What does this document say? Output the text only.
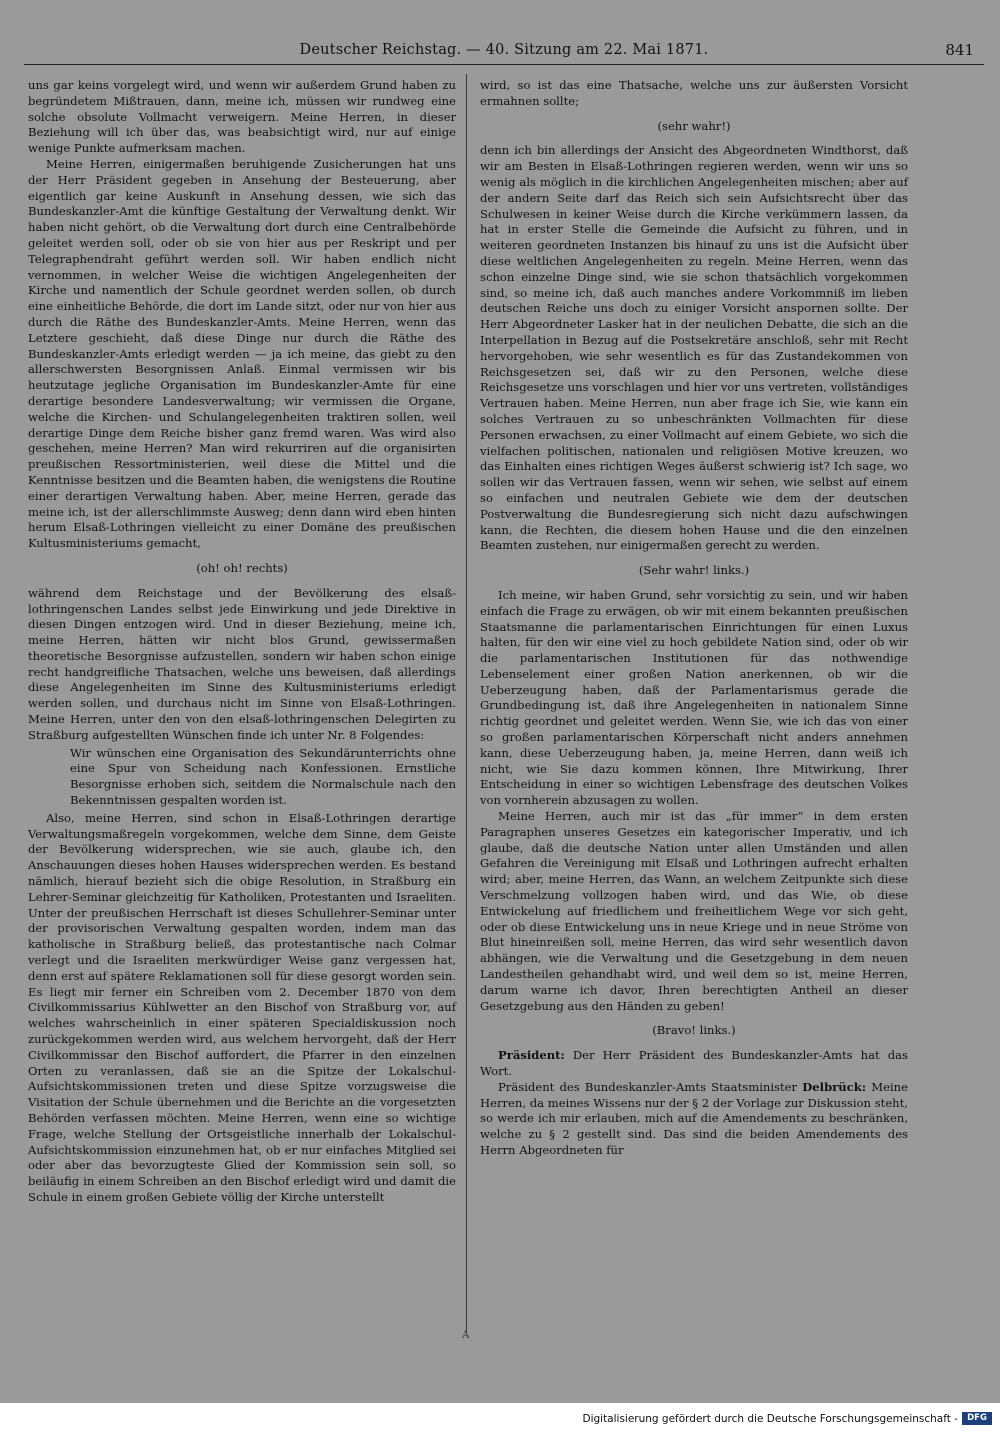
Deutscher Reichstag. — 40. Sitzung am 22. Mai 1871.	841

uns gar keins vorgelegt wird, und wenn wir außerdem Grund haben zu begründetem Mißtrauen, dann, meine ich, müssen wir rundweg eine solche obsolute Vollmacht verweigern. Meine Herren, in dieser Beziehung will ich über das, was beabsichtigt wird, nur auf einige wenige Punkte aufmerksam machen.

Meine Herren, einigermaßen beruhigende Zusicherungen hat uns der Herr Präsident gegeben in Ansehung der Besteuerung, aber eigentlich gar keine Auskunft in Ansehung dessen, wie sich das Bundeskanzler-Amt die künftige Gestaltung der Verwaltung denkt. Wir haben nicht gehört, ob die Verwaltung dort durch eine Centralbehörde geleitet werden soll, oder ob sie von hier aus per Reskript und per Telegraphendraht geführt werden soll. Wir haben endlich nicht vernommen, in welcher Weise die wichtigen Angelegenheiten der Kirche und namentlich der Schule geordnet werden sollen, ob durch eine einheitliche Behörde, die dort im Lande sitzt, oder nur von hier aus durch die Räthe des Bundeskanzler-Amts. Meine Herren, wenn das Letztere geschieht, daß diese Dinge nur durch die Räthe des Bundeskanzler-Amts erledigt werden — ja ich meine, das giebt zu den allerschwersten Besorgnissen Anlaß. Einmal vermissen wir bis heutzutage jegliche Organisation im Bundeskanzler-Amte für eine derartige besondere Landesverwaltung; wir vermissen die Organe, welche die Kirchen- und Schulangelegenheiten traktiren sollen, weil derartige Dinge dem Reiche bisher ganz fremd waren. Was wird also geschehen, meine Herren? Man wird rekurriren auf die organisirten preußischen Ressortministerien, weil diese die Mittel und die Kenntnisse besitzen und die Beamten haben, die wenigstens die Routine einer derartigen Verwaltung haben. Aber, meine Herren, gerade das meine ich, ist der allerschlimmste Ausweg; denn dann wird eben hinten herum Elsaß-Lothringen vielleicht zu einer Domäne des preußischen Kultusministeriums gemacht,

(oh! oh! rechts)

während dem Reichstage und der Bevölkerung des elsaß-lothringenschen Landes selbst jede Einwirkung und jede Direktive in diesen Dingen entzogen wird. Und in dieser Beziehung, meine ich, meine Herren, hätten wir nicht blos Grund, gewissermaßen theoretische Besorgnisse aufzustellen, sondern wir haben schon einige recht handgreifliche Thatsachen, welche uns beweisen, daß allerdings diese Angelegenheiten im Sinne des Kultusministeriums erledigt werden sollen, und durchaus nicht im Sinne von Elsaß-Lothringen. Meine Herren, unter den von den elsaß-lothringenschen Delegirten zu Straßburg aufgestellten Wünschen finde ich unter Nr. 8 Folgendes:

Wir wünschen eine Organisation des Sekundärunterrichts ohne eine Spur von Scheidung nach Konfessionen. Ernstliche Besorgnisse erhoben sich, seitdem die Normalschule nach den Bekenntnissen gespalten worden ist.

Also, meine Herren, sind schon in Elsaß-Lothringen derartige Verwaltungsmaßregeln vorgekommen, welche dem Sinne, dem Geiste der Bevölkerung widersprechen, wie sie auch, glaube ich, den Anschauungen dieses hohen Hauses widersprechen werden. Es bestand nämlich, hierauf bezieht sich die obige Resolution, in Straßburg ein Lehrer-Seminar gleichzeitig für Katholiken, Protestanten und Israeliten. Unter der preußischen Herrschaft ist dieses Schullehrer-Seminar unter der provisorischen Verwaltung gespalten worden, indem man das katholische in Straßburg beließ, das protestantische nach Colmar verlegt und die Israeliten merkwürdiger Weise ganz vergessen hat, denn erst auf spätere Reklamationen soll für diese gesorgt worden sein. Es liegt mir ferner ein Schreiben vom 2. December 1870 von dem Civilkommissarius Kühlwetter an den Bischof von Straßburg vor, auf welches wahrscheinlich in einer späteren Specialdiskussion noch zurückgekommen werden wird, aus welchem hervorgeht, daß der Herr Civilkommissar den Bischof auffordert, die Pfarrer in den einzelnen Orten zu veranlassen, daß sie an die Spitze der Lokalschul-Aufsichtskommissionen treten und diese Spitze vorzugsweise die Visitation der Schule übernehmen und die Berichte an die vorgesetzten Behörden verfassen möchten. Meine Herren, wenn eine so wichtige Frage, welche Stellung der Ortsgeistliche innerhalb der Lokalschul-Aufsichtskommission einzunehmen hat, ob er nur einfaches Mitglied sei oder aber das bevorzugteste Glied der Kommission sein soll, so beiläufig in einem Schreiben an den Bischof erledigt wird und damit die Schule in einem großen Gebiete völlig der Kirche unterstellt

wird, so ist das eine Thatsache, welche uns zur äußersten Vorsicht ermahnen sollte;

(sehr wahr!)

denn ich bin allerdings der Ansicht des Abgeordneten Windthorst, daß wir am Besten in Elsaß-Lothringen regieren werden, wenn wir uns so wenig als möglich in die kirchlichen Angelegenheiten mischen; aber auf der andern Seite darf das Reich sich sein Aufsichtsrecht über das Schulwesen in keiner Weise durch die Kirche verkümmern lassen, da hat in erster Stelle die Gemeinde die Aufsicht zu führen, und in weiteren geordneten Instanzen bis hinauf zu uns ist die Aufsicht über diese weltlichen Angelegenheiten zu regeln. Meine Herren, wenn das schon einzelne Dinge sind, wie sie schon thatsächlich vorgekommen sind, so meine ich, daß auch manches andere Vorkommniß im lieben deutschen Reiche uns doch zu einiger Vorsicht anspornen sollte. Der Herr Abgeordneter Lasker hat in der neulichen Debatte, die sich an die Interpellation in Bezug auf die Postsekretäre anschloß, sehr mit Recht hervorgehoben, wie sehr wesentlich es für das Zustandekommen von Reichsgesetzen sei, daß wir zu den Personen, welche diese Reichsgesetze uns vorschlagen und hier vor uns vertreten, vollständiges Vertrauen haben. Meine Herren, nun aber frage ich Sie, wie kann ein solches Vertrauen zu so unbeschränkten Vollmachten für diese Personen erwachsen, zu einer Vollmacht auf einem Gebiete, wo sich die vielfachen politischen, nationalen und religiösen Motive kreuzen, wo das Einhalten eines richtigen Weges äußerst schwierig ist? Ich sage, wo sollen wir das Vertrauen fassen, wenn wir sehen, wie selbst auf einem so einfachen und neutralen Gebiete wie dem der deutschen Postverwaltung die Bundesregierung sich nicht dazu aufschwingen kann, die Rechten, die diesem hohen Hause und die den einzelnen Beamten zustehen, nur einigermaßen gerecht zu werden.

(Sehr wahr! links.)

Ich meine, wir haben Grund, sehr vorsichtig zu sein, und wir haben einfach die Frage zu erwägen, ob wir mit einem bekannten preußischen Staatsmanne die parlamentarischen Einrichtungen für einen Luxus halten, für den wir eine viel zu hoch gebildete Nation sind, oder ob wir die parlamentarischen Institutionen für das nothwendige Lebenselement einer großen Nation anerkennen, ob wir die Ueberzeugung haben, daß der Parlamentarismus gerade die Grundbedingung ist, daß ihre Angelegenheiten in nationalem Sinne richtig geordnet und geleitet werden. Wenn Sie, wie ich das von einer so großen parlamentarischen Körperschaft nicht anders annehmen kann, diese Ueberzeugung haben, ja, meine Herren, dann weiß ich nicht, wie Sie dazu kommen können, Ihre Mitwirkung, Ihrer Entscheidung in einer so wichtigen Lebensfrage des deutschen Volkes von vornherein abzusagen zu wollen.

Meine Herren, auch mir ist das „für immer“ in dem ersten Paragraphen unseres Gesetzes ein kategorischer Imperativ, und ich glaube, daß die deutsche Nation unter allen Umständen und allen Gefahren die Vereinigung mit Elsaß und Lothringen aufrecht erhalten wird; aber, meine Herren, das Wann, an welchem Zeitpunkte sich diese Verschmelzung vollzogen haben wird, und das Wie, ob diese Entwickelung auf friedlichem und freiheitlichem Wege vor sich geht, oder ob diese Entwickelung uns in neue Kriege und in neue Ströme von Blut hineinreißen soll, meine Herren, das wird sehr wesentlich davon abhängen, wie die Verwaltung und die Gesetzgebung in dem neuen Landestheilen gehandhabt wird, und weil dem so ist, meine Herren, darum warne ich davor, Ihren berechtigten Antheil an dieser Gesetzgebung aus den Händen zu geben!

(Bravo! links.)

Präsident: Der Herr Präsident des Bundeskanzler-Amts hat das Wort.

Präsident des Bundeskanzler-Amts Staatsminister Delbrück: Meine Herren, da meines Wissens nur der § 2 der Vorlage zur Diskussion steht, so werde ich mir erlauben, mich auf die Amendements zu beschränken, welche zu § 2 gestellt sind. Das sind die beiden Amendements des Herrn Abgeordneten für

A
Digitalisierung gefördert durch die Deutsche Forschungsgemeinschaft -	DFG
